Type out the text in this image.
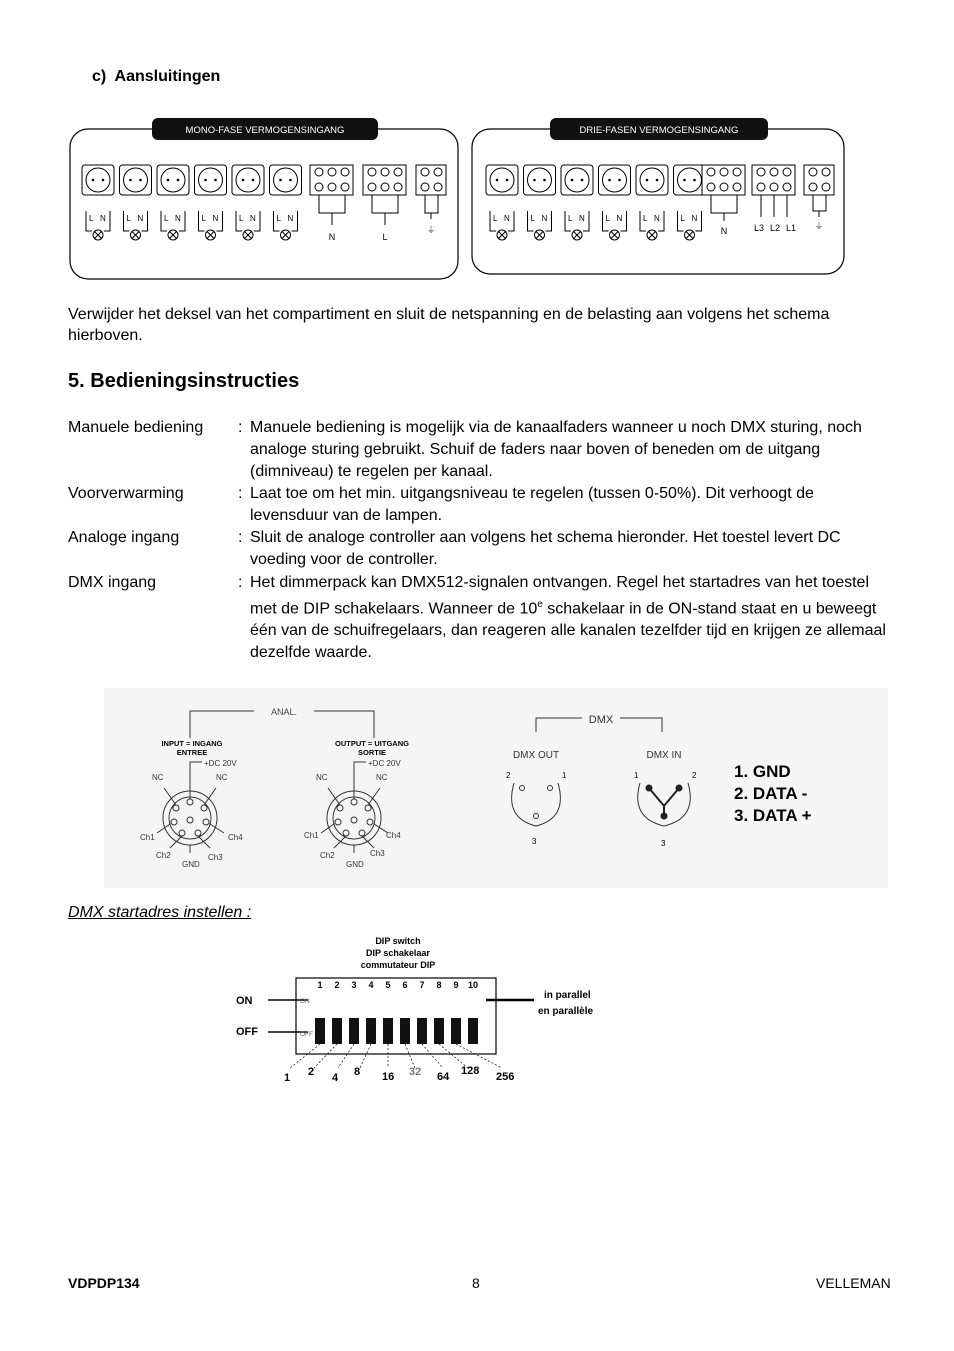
c) Aansluitingen
MONO-FASE VERMOGENSINGANG
L N	L N	L N	L N	L N	L N
N	L
⏚
DRIE-FASEN VERMOGENSINGANG
L N	L N	L N	L N	L N	L N
N	L3 L2 L1 ⏚
Verwijder het deksel van het compartiment en sluit de netspanning en de belasting aan volgens het schema hierboven.
5. Bedieningsinstructies
Manuele bediening	: Manuele bediening is mogelijk via de kanaalfaders wanneer u noch DMX sturing, noch analoge sturing gebruikt. Schuif de faders naar boven of beneden om de uitgang (dimniveau) te regelen per kanaal.
Voorverwarming	: Laat toe om het min. uitgangsniveau te regelen (tussen 0-50%). Dit verhoogt de levensduur van de lampen.
Analoge ingang	: Sluit de analoge controller aan volgens het schema hieronder. Het toestel levert DC voeding voor de controller.
DMX ingang	: Het dimmerpack kan DMX512-signalen ontvangen. Regel het startadres van het toestel met de DIP schakelaars. Wanneer de 10e schakelaar in de ON-stand staat en u beweegt één van de schuifregelaars, dan reageren alle kanalen tezelfder tijd en krijgen ze allemaal dezelfde waarde.
ANAL.
INPUT = INGANG
ENTREE
+DC 20V
NC	NC
Ch1
Ch2	Ch3
Ch4
GND
OUTPUT = UITGANG
SORTIE
+DC 20V
NC	NC
Ch1
Ch2	Ch3
Ch4
GND
DMX
DMX OUT	DMX IN
2	1
3
1	2
3
1. GND
2. DATA -
3. DATA +
DMX startadres instellen :
DIP switch
DIP schakelaar
commutateur DIP
ON
OFF
ON
OFF
in parallel
en parallèle
1 2 3 4 5 6 7 8 9 10
1 2 4 8 16 32 64 128 256
VDPDP134	8	VELLEMAN
